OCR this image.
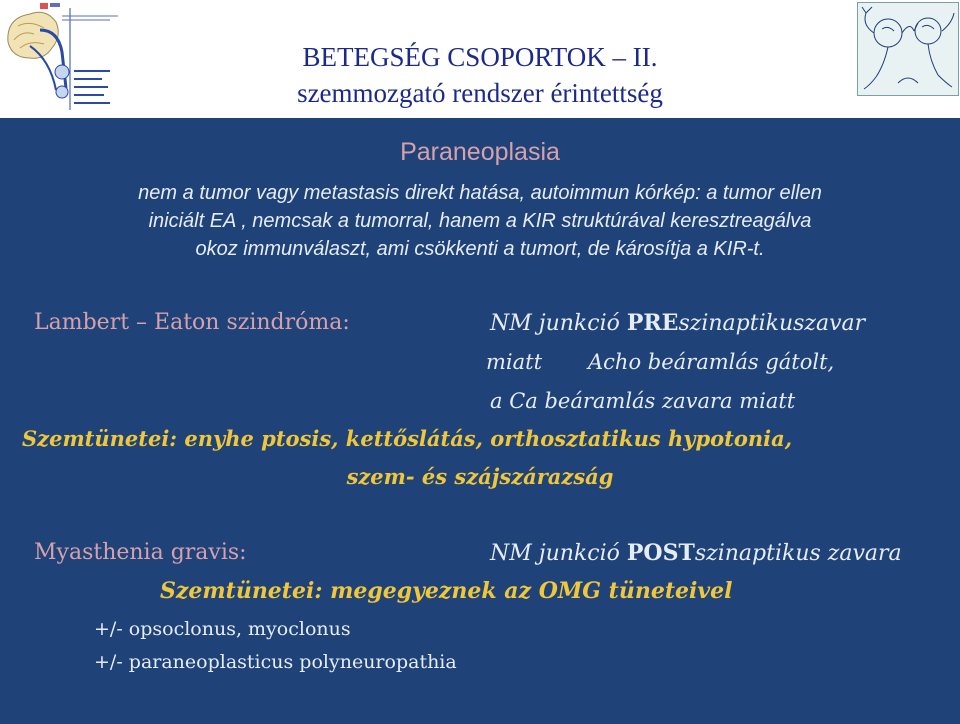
BETEGSÉG CSOPORTOK – II.
szemmozgató rendszer érintettség
Paraneoplasia
nem a tumor vagy metastasis direkt hatása, autoimmun kórkép: a tumor ellen
iniciált EA , nemcsak a tumorral, hanem a KIR struktúrával keresztreagálva
okoz immunválaszt, ami csökkenti a tumort, de károsítja a KIR-t.
Lambert – Eaton szindróma:	NM junkció PREszinaptikuszavar
miatt Acho beáramlás gátolt,
a Ca beáramlás zavara miatt
Szemtünetei: enyhe ptosis, kettőslátás, orthosztatikus hypotonia,
szem- és szájszárazság
Myasthenia gravis:	NM junkció POSTszinaptikus zavara
Szemtünetei: megegyeznek az OMG tüneteivel
+/- opsoclonus, myoclonus
+/- paraneoplasticus polyneuropathia
